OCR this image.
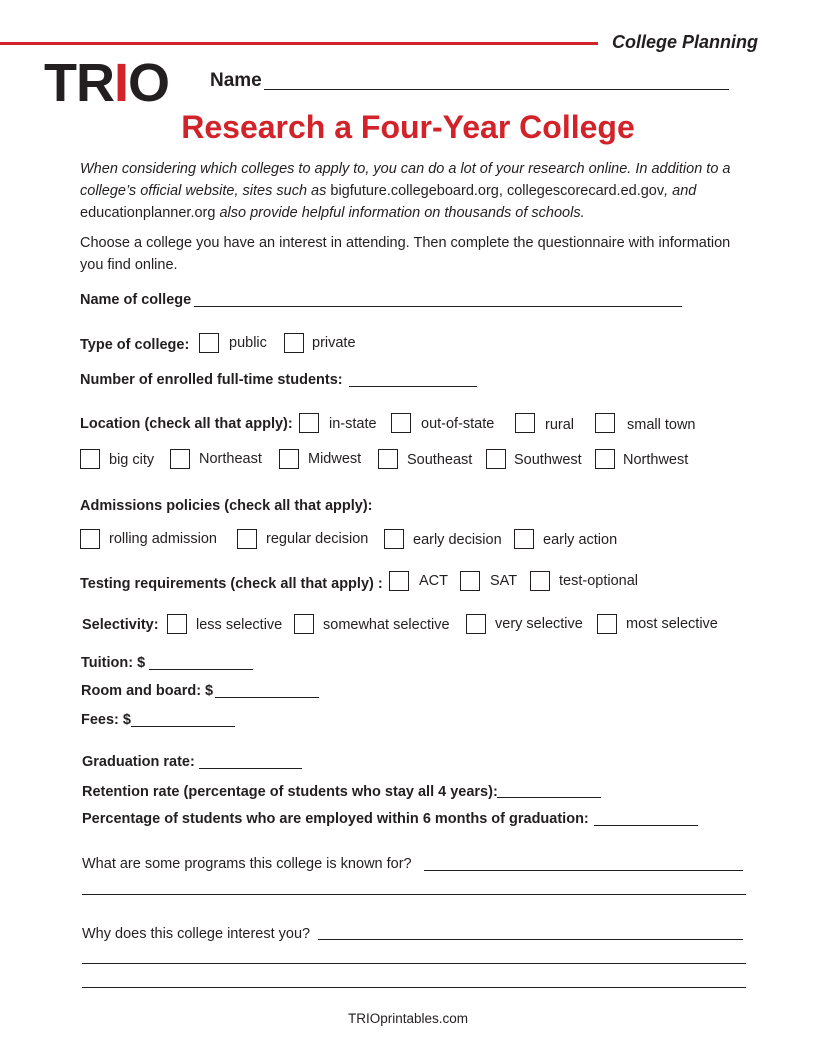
College Planning
TRIO Name
Research a Four-Year College
When considering which colleges to apply to, you can do a lot of your research online. In addition to a college’s official website, sites such as bigfuture.collegeboard.org, collegescorecard.ed.gov, and educationplanner.org also provide helpful information on thousands of schools.
Choose a college you have an interest in attending. Then complete the questionnaire with information you find online.
Name of college
Type of college:	public	private
Number of enrolled full-time students:
Location (check all that apply):	in-state	out-of-state	rural	small town
big city	Northeast	Midwest	Southeast	Southwest	Northwest
Admissions policies (check all that apply):
rolling admission	regular decision	early decision	early action
Testing requirements (check all that apply) :	ACT	SAT	test-optional
Selectivity:	less selective	somewhat selective	very selective	most selective
Tuition: $
Room and board: $
Fees: $
Graduation rate:
Retention rate (percentage of students who stay all 4 years):
Percentage of students who are employed within 6 months of graduation:
What are some programs this college is known for?
Why does this college interest you?
TRIOprintables.com
